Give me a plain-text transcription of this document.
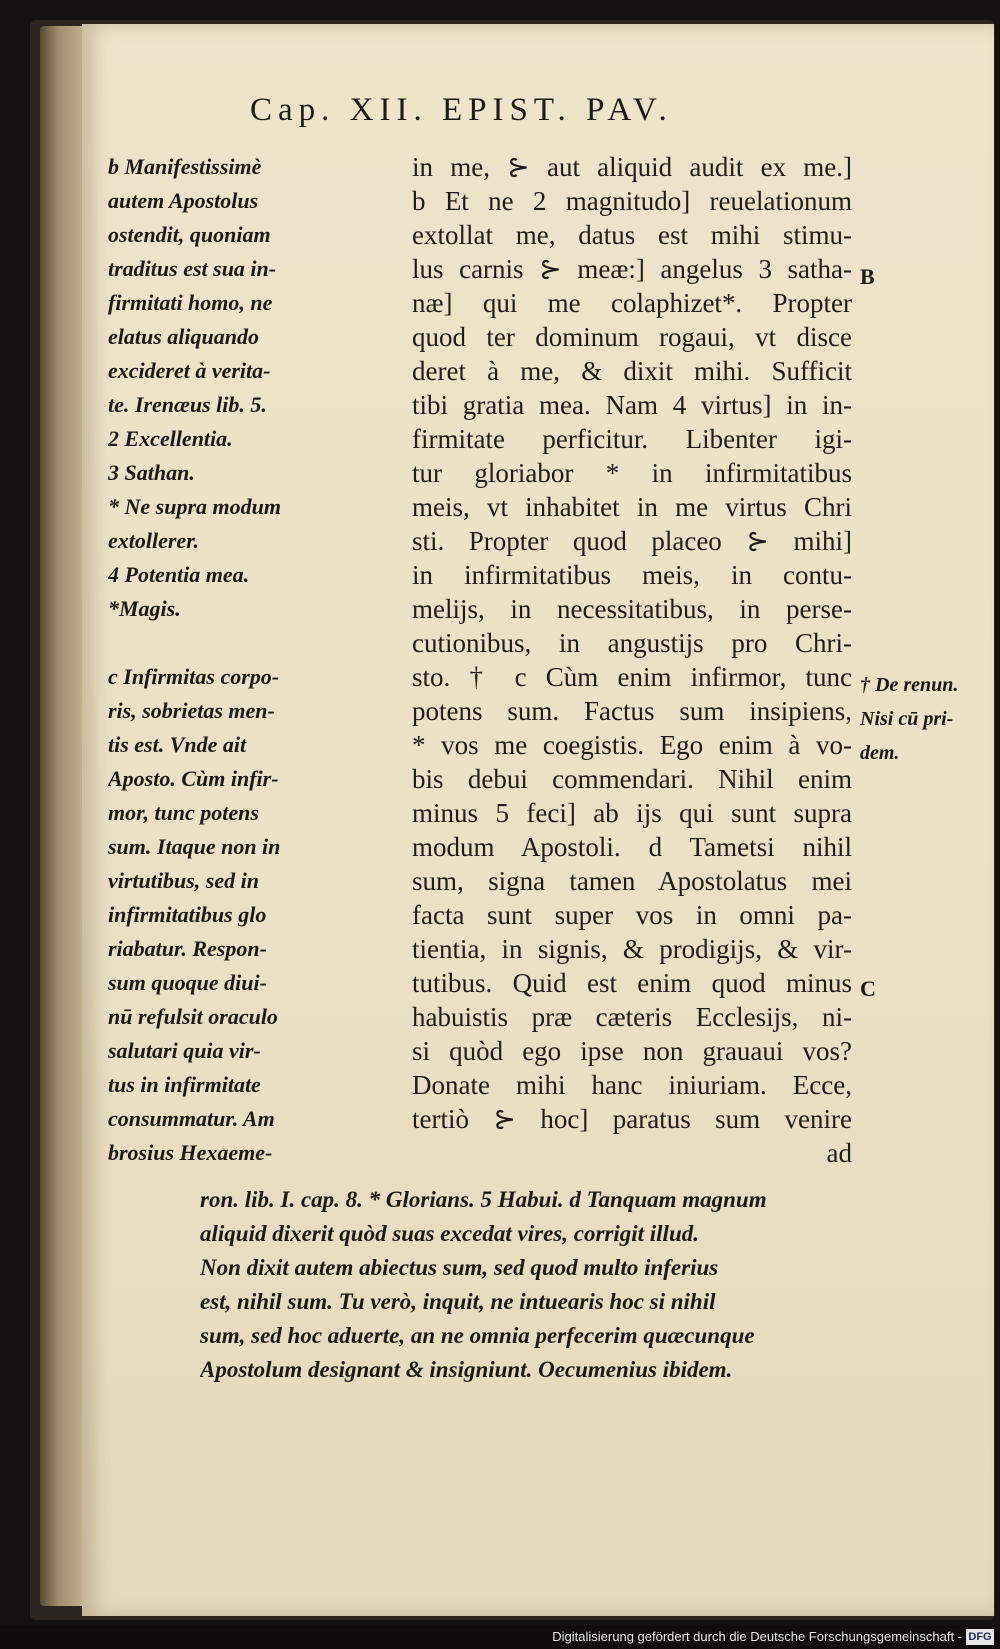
Cap. XII. EPIST. PAV.
b Manifestissimè
autem Apostolus
ostendit, quoniam
traditus est sua in-
firmitati homo, ne
elatus aliquando
excideret à verita-
te. Irenæus lib. 5.
2 Excellentia.
3 Sathan.
* Ne supra modum
extollerer.
4 Potentia mea.
*Magis.
c Infirmitas corpo-
ris, sobrietas men-
tis est. Vnde ait
Aposto. Cùm infir-
mor, tunc potens
sum. Itaque non in
virtutibus, sed in
infirmitatibus glo
riabatur. Respon-
sum quoque diui-
nū refulsit oraculo
salutari quia vir-
tus in infirmitate
consummatur. Am
brosius Hexaeme-
in me, ⊱ aut aliquid audit ex me.]
b Et ne 2 magnitudo] reuelationum
extollat me, datus est mihi stimu-
lus carnis ⊱ meæ:] angelus 3 satha-
næ] qui me colaphizet*. Propter
quod ter dominum rogaui, vt disce
deret à me, & dixit mihi. Sufficit
tibi gratia mea. Nam 4 virtus] in in-
firmitate perficitur. Libenter igi-
tur gloriabor * in infirmitatibus
meis, vt inhabitet in me virtus Chri
sti. Propter quod placeo ⊱ mihi]
in infirmitatibus meis, in contu-
melijs, in necessitatibus, in perse-
cutionibus, in angustijs pro Chri-
sto. † c Cùm enim infirmor, tunc
potens sum. Factus sum insipiens,
* vos me coegistis. Ego enim à vo-
bis debui commendari. Nihil enim
minus 5 feci] ab ijs qui sunt supra
modum Apostoli. d Tametsi nihil
sum, signa tamen Apostolatus mei
facta sunt super vos in omni pa-
tientia, in signis, & prodigijs, & vir-
tutibus. Quid est enim quod minus
habuistis præ cæteris Ecclesijs, ni-
si quòd ego ipse non grauaui vos?
Donate mihi hanc iniuriam. Ecce,
tertiò ⊱ hoc] paratus sum venire
ad
ron. lib. I. cap. 8. * Glorians. 5 Habui. d Tanquam magnum
aliquid dixerit quòd suas excedat vires, corrigit illud.
Non dixit autem abiectus sum, sed quod multo inferius
est, nihil sum. Tu verò, inquit, ne intuearis hoc si nihil
sum, sed hoc aduerte, an ne omnia perfecerim quæcunque
Apostolum designant & insigniunt. Oecumenius ibidem.
† De renun.
Nisi cū pri-
dem.
B
C
Digitalisierung gefördert durch die Deutsche Forschungsgemeinschaft - DFG
